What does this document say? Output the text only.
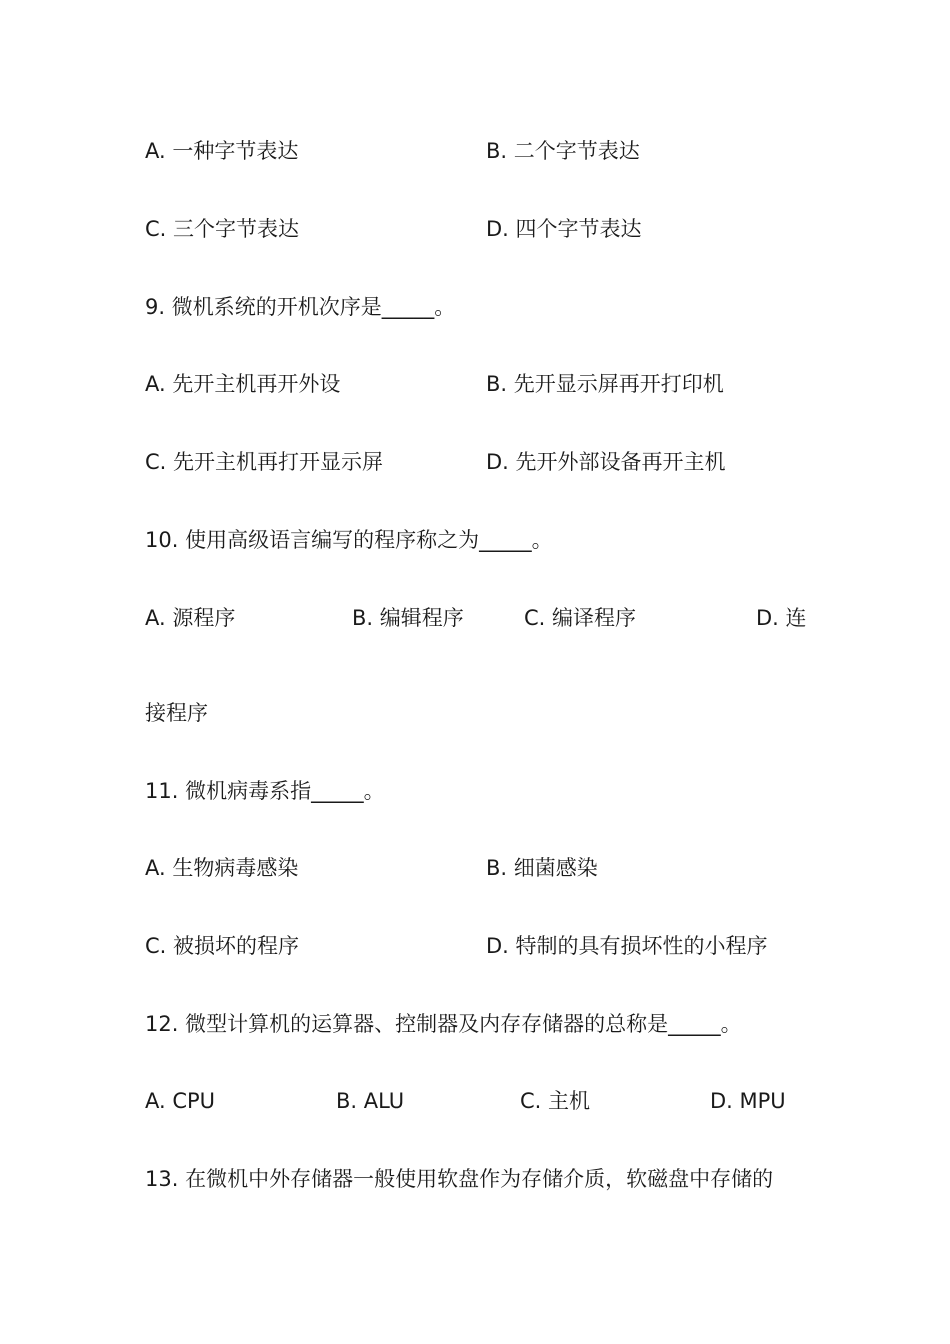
A. 一种字节表达	B. 二个字节表达
C. 三个字节表达	D. 四个字节表达
9. 微机系统的开机次序是_____。
A. 先开主机再开外设	B. 先开显示屏再开打印机
C. 先开主机再打开显示屏	D. 先开外部设备再开主机
10. 使用高级语言编写的程序称之为_____。
A. 源程序	B. 编辑程序	C. 编译程序	D. 连
接程序
11. 微机病毒系指_____。
A. 生物病毒感染	B. 细菌感染
C. 被损坏的程序	D. 特制的具有损坏性的小程序
12. 微型计算机的运算器、控制器及内存存储器的总称是_____。
A. CPU	B. ALU	C. 主机	D. MPU
13. 在微机中外存储器一般使用软盘作为存储介质，软磁盘中存储的
